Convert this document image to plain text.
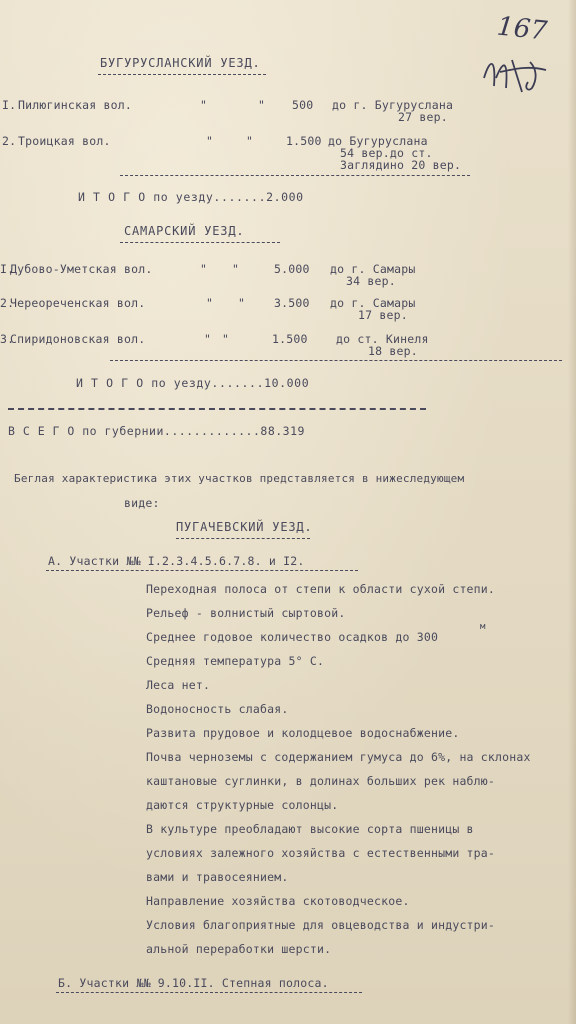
167
БУГУРУСЛАНСКИЙ УЕЗД.
I. Пилюгинская вол.	"	" 500 до г. Бугуруслана
27 вер.
2. Троицкая вол.	"	"	1.500 до Бугуруслана
54 вер.до ст.
Заглядино 20 вер.
И Т О Г О по уезду.......2.000
САМАРСКИЙ УЕЗД.
I.
Дубово-Уметская вол.	" "	5.000 до г. Самары
34 вер.
2.
Череореченская вол.	" "	3.500 до г. Самары
17 вер.
3.
Спиридоновская вол.	" "	1.500 до ст. Кинеля
18 вер.
И Т О Г О по уезду.......10.000
В С Е Г О по губернии.............88.319
Беглая характеристика этих участков представляется в нижеследующем
виде:
ПУГАЧЕВСКИЙ УЕЗД.
А. Участки №№ I.2.3.4.5.6.7.8. и I2.
Переходная полоса от степи к области сухой степи.
Рельеф - волнистый сыртовой.
Среднее годовое количество осадков до 300
м
Средняя температура 5° С.
Леса нет.
Водоносность слабая.
Развита прудовое и колодцевое водоснабжение.
Почва черноземы с содержанием гумуса до 6%, на склонах
каштановые суглинки, в долинах больших рек наблю-
даются структурные солонцы.
В культуре преобладают высокие сорта пшеницы в
условиях залежного хозяйства с естественными тра-
вами и травосеянием.
Направление хозяйства скотоводческое.
Условия благоприятные для овцеводства и индустри-
альной переработки шерсти.
Б. Участки №№ 9.10.II. Степная полоса.
